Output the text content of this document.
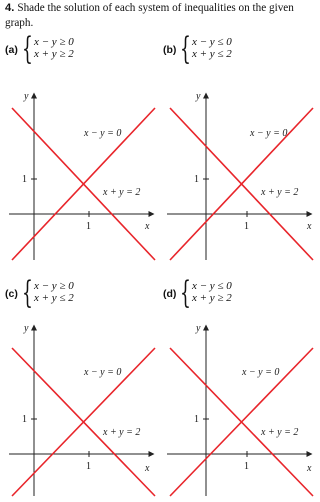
4. Shade the solution of each system of inequalities on the given graph.
(a) { x − y ≥ 0
x + y ≥ 2	(b) { x − y ≤ 0
x + y ≤ 2
(c) { x − y ≥ 0
x + y ≤ 2	(d) { x − y ≤ 0
x + y ≥ 2
y
x
1
1
x − y = 0
x + y = 2
y
x
1
1
x − y = 0
x + y = 2
y
x
1
1
x − y = 0
x + y = 2
y
x
1
1
x − y = 0
x + y = 2
